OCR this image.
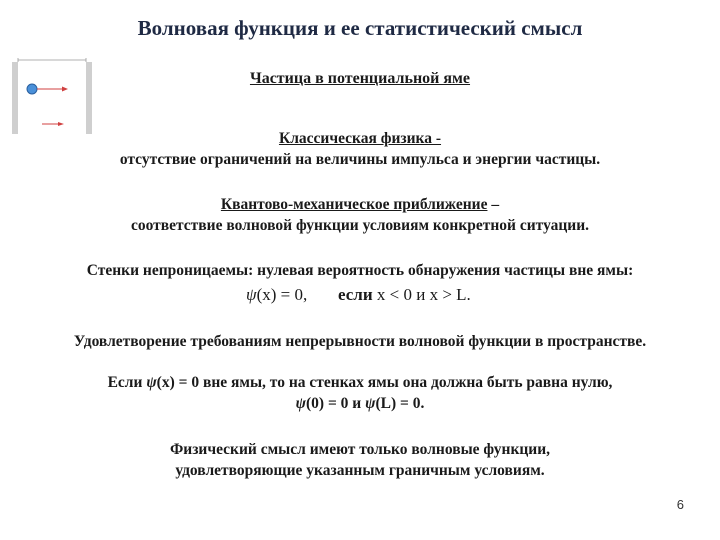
Волновая функция и ее статистический смысл
Частица в потенциальной яме
Классическая физика -
отсутствие ограничений на величины импульса и энергии частицы.
Квантово-механическое приближение –
соответствие волновой функции условиям конкретной ситуации.
Стенки непроницаемы: нулевая вероятность обнаружения частицы вне ямы:
ψ(x) = 0, если x < 0 и x > L.
Удовлетворение требованиям непрерывности волновой функции в пространстве.
Если ψ(x) = 0 вне ямы, то на стенках ямы она должна быть равна нулю,
ψ(0) = 0 и ψ(L) = 0.
Физический смысл имеют только волновые функции,
удовлетворяющие указанным граничным условиям.
6
